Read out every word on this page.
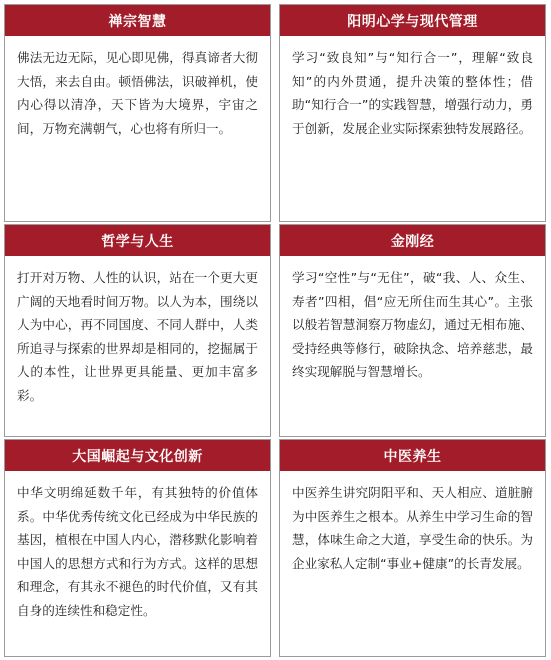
禅宗智慧
佛法无边无际，见心即见佛，得真谛者大彻大悟，来去自由。顿悟佛法，识破禅机，使内心得以清净，天下皆为大境界，宇宙之间，万物充满朝气，心也将有所归一。
阳明心学与现代管理
学习“致良知”与“知行合一”，理解“致良知”的内外贯通，提升决策的整体性；借助“知行合一”的实践智慧，增强行动力，勇于创新，发展企业实际探索独特发展路径。
哲学与人生
打开对万物、人性的认识，站在一个更大更广阔的天地看时间万物。以人为本，围绕以人为中心，再不同国度、不同人群中，人类所追寻与探索的世界却是相同的，挖掘属于人的本性，让世界更具能量、更加丰富多彩。
金刚经
学习“空性”与“无住”，破“我、人、众生、寿者”四相，倡“应无所住而生其心”。主张以般若智慧洞察万物虚幻，通过无相布施、受持经典等修行，破除执念、培养慈悲，最终实现解脱与智慧增长。
大国崛起与文化创新
中华文明绵延数千年，有其独特的价值体系。中华优秀传统文化已经成为中华民族的基因，植根在中国人内心，潜移默化影响着中国人的思想方式和行为方式。这样的思想和理念，有其永不褪色的时代价值，又有其自身的连续性和稳定性。
中医养生
中医养生讲究阴阳平和、天人相应、道脏腑为中医养生之根本。从养生中学习生命的智慧，体味生命之大道，享受生命的快乐。为企业家私人定制“事业+健康”的长青发展。
